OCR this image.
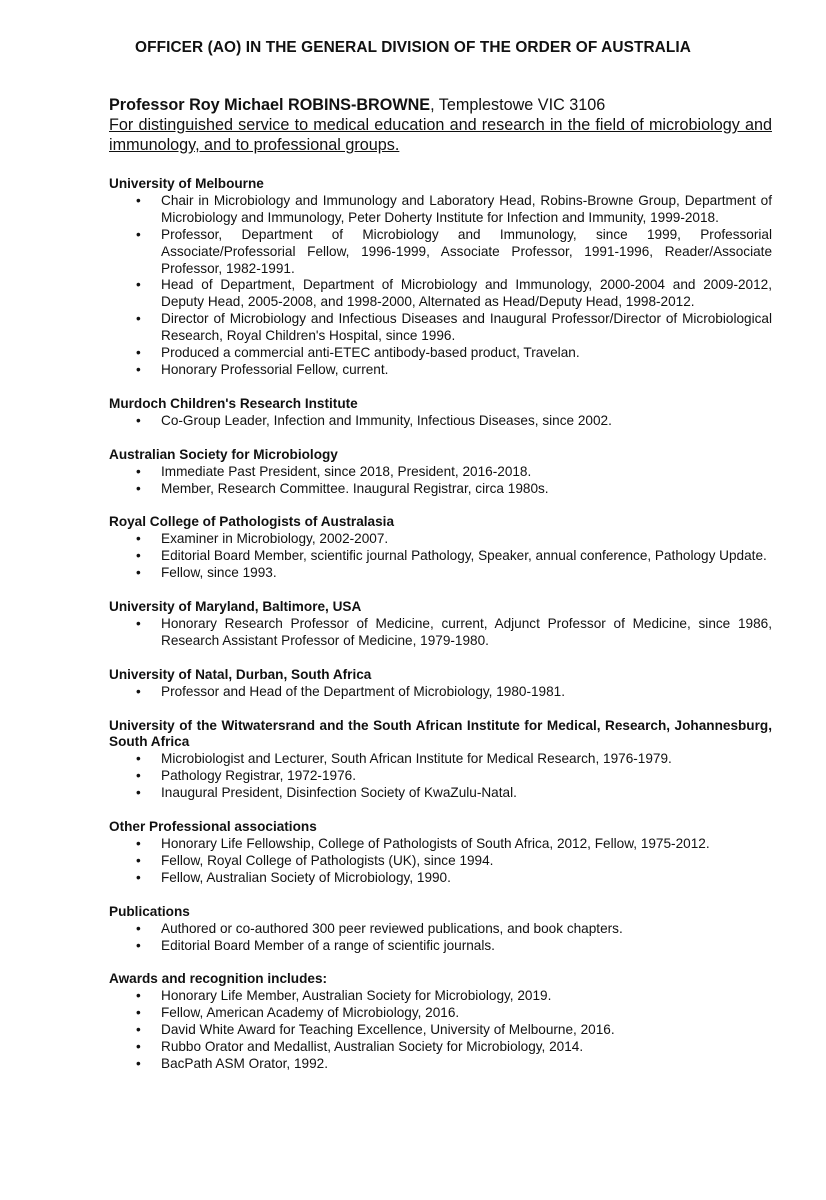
OFFICER (AO) IN THE GENERAL DIVISION OF THE ORDER OF AUSTRALIA
Professor Roy Michael ROBINS-BROWNE, Templestowe VIC 3106
For distinguished service to medical education and research in the field of microbiology and immunology, and to professional groups.
University of Melbourne
• Chair in Microbiology and Immunology and Laboratory Head, Robins-Browne Group, Department of Microbiology and Immunology, Peter Doherty Institute for Infection and Immunity, 1999-2018.
• Professor, Department of Microbiology and Immunology, since 1999, Professorial Associate/Professorial Fellow, 1996-1999, Associate Professor, 1991-1996, Reader/Associate Professor, 1982-1991.
• Head of Department, Department of Microbiology and Immunology, 2000-2004 and 2009-2012, Deputy Head, 2005-2008, and 1998-2000, Alternated as Head/Deputy Head, 1998-2012.
• Director of Microbiology and Infectious Diseases and Inaugural Professor/Director of Microbiological Research, Royal Children's Hospital, since 1996.
• Produced a commercial anti-ETEC antibody-based product, Travelan.
• Honorary Professorial Fellow, current.
Murdoch Children's Research Institute
• Co-Group Leader, Infection and Immunity, Infectious Diseases, since 2002.
Australian Society for Microbiology
• Immediate Past President, since 2018, President, 2016-2018.
• Member, Research Committee. Inaugural Registrar, circa 1980s.
Royal College of Pathologists of Australasia
• Examiner in Microbiology, 2002-2007.
• Editorial Board Member, scientific journal Pathology, Speaker, annual conference, Pathology Update.
• Fellow, since 1993.
University of Maryland, Baltimore, USA
• Honorary Research Professor of Medicine, current, Adjunct Professor of Medicine, since 1986, Research Assistant Professor of Medicine, 1979-1980.
University of Natal, Durban, South Africa
• Professor and Head of the Department of Microbiology, 1980-1981.
University of the Witwatersrand and the South African Institute for Medical, Research, Johannesburg, South Africa
• Microbiologist and Lecturer, South African Institute for Medical Research, 1976-1979.
• Pathology Registrar, 1972-1976.
• Inaugural President, Disinfection Society of KwaZulu-Natal.
Other Professional associations
• Honorary Life Fellowship, College of Pathologists of South Africa, 2012, Fellow, 1975-2012.
• Fellow, Royal College of Pathologists (UK), since 1994.
• Fellow, Australian Society of Microbiology, 1990.
Publications
• Authored or co-authored 300 peer reviewed publications, and book chapters.
• Editorial Board Member of a range of scientific journals.
Awards and recognition includes:
• Honorary Life Member, Australian Society for Microbiology, 2019.
• Fellow, American Academy of Microbiology, 2016.
• David White Award for Teaching Excellence, University of Melbourne, 2016.
• Rubbo Orator and Medallist, Australian Society for Microbiology, 2014.
• BacPath ASM Orator, 1992.
